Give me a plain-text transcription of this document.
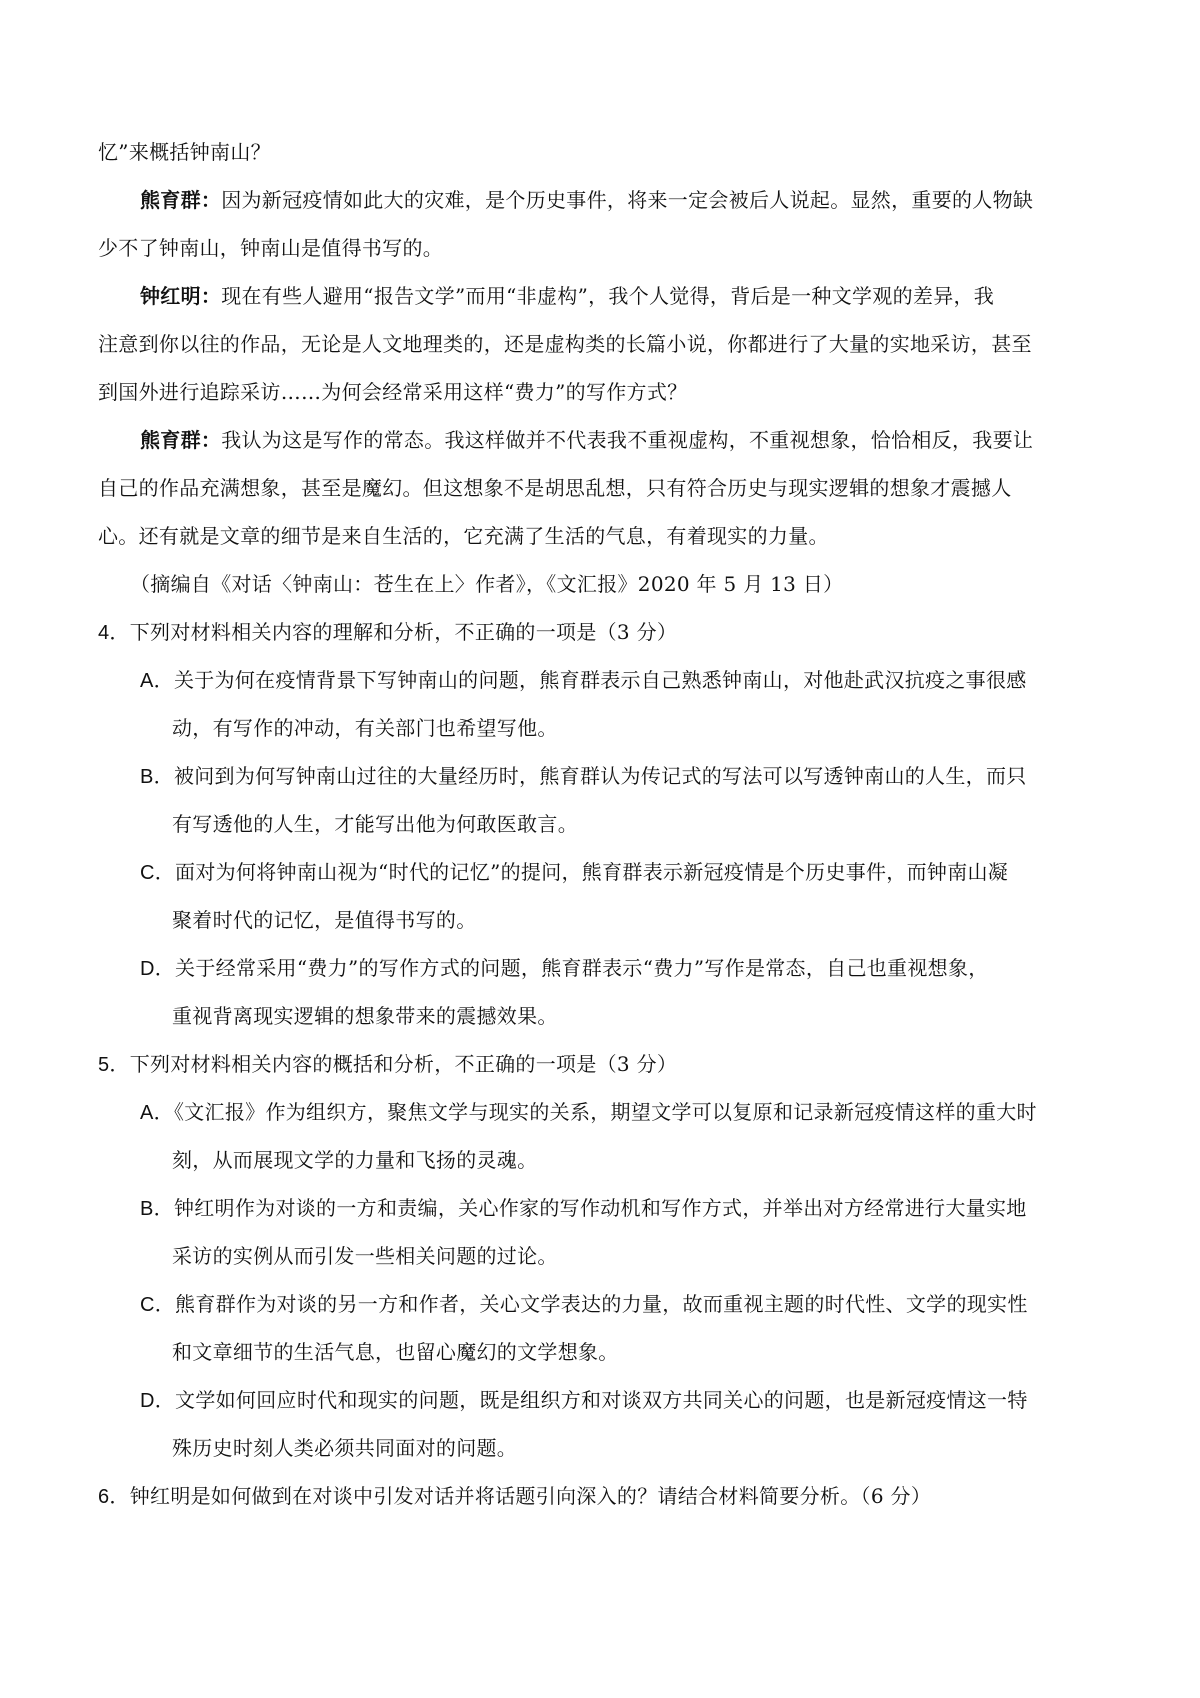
忆”来概括钟南山？
熊育群：因为新冠疫情如此大的灾难，是个历史事件，将来一定会被后人说起。显然，重要的人物缺
少不了钟南山，钟南山是值得书写的。
钟红明：现在有些人避用“报告文学”而用“非虚构”，我个人觉得，背后是一种文学观的差异，我
注意到你以往的作品，无论是人文地理类的，还是虚构类的长篇小说，你都进行了大量的实地采访，甚至
到国外进行追踪采访……为何会经常采用这样“费力”的写作方式？
熊育群：我认为这是写作的常态。我这样做并不代表我不重视虚构，不重视想象，恰恰相反，我要让
自己的作品充满想象，甚至是魔幻。但这想象不是胡思乱想，只有符合历史与现实逻辑的想象才震撼人
心。还有就是文章的细节是来自生活的，它充满了生活的气息，有着现实的力量。
（摘编自《对话〈钟南山：苍生在上〉作者》，《文汇报》2020 年 5 月 13 日）
4．下列对材料相关内容的理解和分析，不正确的一项是（3 分）
A．关于为何在疫情背景下写钟南山的问题，熊育群表示自己熟悉钟南山，对他赴武汉抗疫之事很感
动，有写作的冲动，有关部门也希望写他。
B．被问到为何写钟南山过往的大量经历时，熊育群认为传记式的写法可以写透钟南山的人生，而只
有写透他的人生，才能写出他为何敢医敢言。
C．面对为何将钟南山视为“时代的记忆”的提问，熊育群表示新冠疫情是个历史事件，而钟南山凝
聚着时代的记忆，是值得书写的。
D．关于经常采用“费力”的写作方式的问题，熊育群表示“费力”写作是常态，自己也重视想象，
重视背离现实逻辑的想象带来的震撼效果。
5．下列对材料相关内容的概括和分析，不正确的一项是（3 分）
A．《文汇报》作为组织方，聚焦文学与现实的关系，期望文学可以复原和记录新冠疫情这样的重大时
刻，从而展现文学的力量和飞扬的灵魂。
B．钟红明作为对谈的一方和责编，关心作家的写作动机和写作方式，并举出对方经常进行大量实地
采访的实例从而引发一些相关问题的过论。
C．熊育群作为对谈的另一方和作者，关心文学表达的力量，故而重视主题的时代性、文学的现实性
和文章细节的生活气息，也留心魔幻的文学想象。
D．文学如何回应时代和现实的问题，既是组织方和对谈双方共同关心的问题，也是新冠疫情这一特
殊历史时刻人类必须共同面对的问题。
6．钟红明是如何做到在对谈中引发对话并将话题引向深入的？请结合材料简要分析。（6 分）
